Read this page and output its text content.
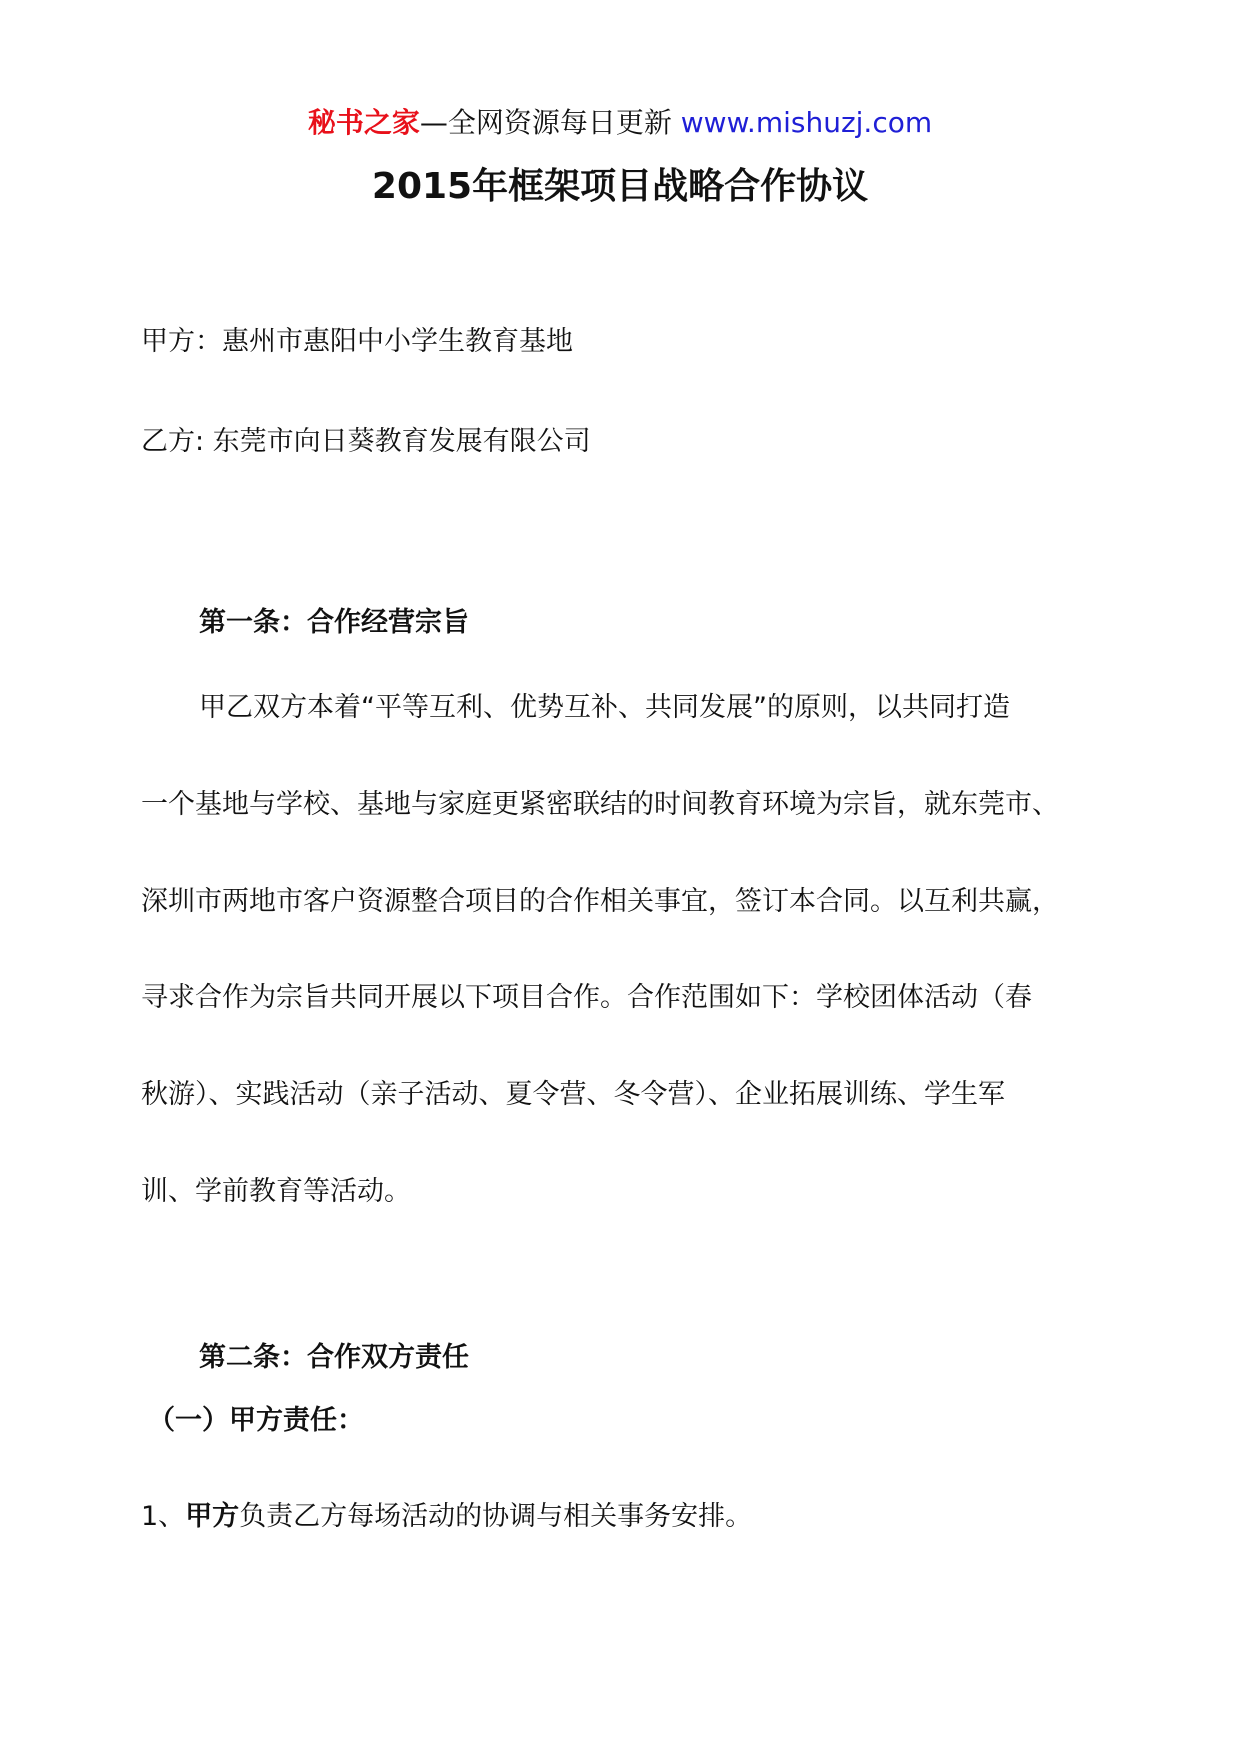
秘书之家—全网资源每日更新 www.mishuzj.com
2015年框架项目战略合作协议
甲方：惠州市惠阳中小学生教育基地
乙方: 东莞市向日葵教育发展有限公司
第一条：合作经营宗旨
甲乙双方本着“平等互利、优势互补、共同发展”的原则，以共同打造
一个基地与学校、基地与家庭更紧密联结的时间教育环境为宗旨，就东莞市、
深圳市两地市客户资源整合项目的合作相关事宜，签订本合同。以互利共赢，
寻求合作为宗旨共同开展以下项目合作。合作范围如下：学校团体活动（春
秋游）、实践活动（亲子活动、夏令营、冬令营）、企业拓展训练、学生军
训、学前教育等活动。
第二条：合作双方责任
（一）甲方责任：
1、甲方负责乙方每场活动的协调与相关事务安排。
